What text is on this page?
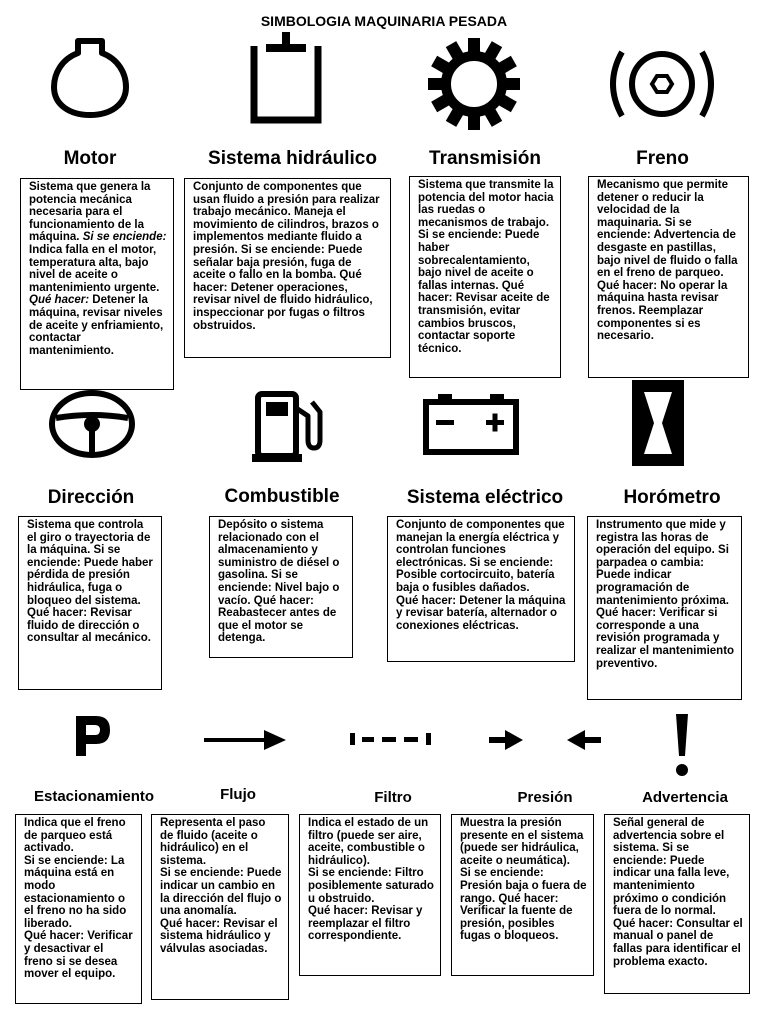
SIMBOLOGIA MAQUINARIA PESADA
Motor	Sistema hidráulico	Transmisión	Freno

Sistema que genera la potencia mecánica necesaria para el funcionamiento de la máquina. Si se enciende: Indica falla en el motor, temperatura alta, bajo nivel de aceite o mantenimiento urgente. Qué hacer: Detener la máquina, revisar niveles de aceite y enfriamiento, contactar mantenimiento.

Conjunto de componentes que usan fluido a presión para realizar trabajo mecánico. Maneja el movimiento de cilindros, brazos o implementos mediante fluido a presión. Si se enciende: Puede señalar baja presión, fuga de aceite o fallo en la bomba. Qué hacer: Detener operaciones, revisar nivel de fluido hidráulico, inspeccionar por fugas o filtros obstruidos.

Sistema que transmite la potencia del motor hacia las ruedas o mecanismos de trabajo. Si se enciende: Puede haber sobrecalentamiento, bajo nivel de aceite o fallas internas. Qué hacer: Revisar aceite de transmisión, evitar cambios bruscos, contactar soporte técnico.

Mecanismo que permite detener o reducir la velocidad de la maquinaria. Si se enciende: Advertencia de desgaste en pastillas, bajo nivel de fluido o falla en el freno de parqueo.

Qué hacer: No operar la máquina hasta revisar frenos. Reemplazar componentes si es necesario.

Dirección	Combustible	Sistema eléctrico	Horómetro

Sistema que controla el giro o trayectoria de la máquina. Si se enciende: Puede haber pérdida de presión hidráulica, fuga o bloqueo del sistema. Qué hacer: Revisar fluido de dirección o consultar al mecánico.

Depósito o sistema relacionado con el almacenamiento y suministro de diésel o gasolina. Si se enciende: Nivel bajo o vacío. Qué hacer: Reabastecer antes de que el motor se detenga.

Conjunto de componentes que manejan la energía eléctrica y controlan funciones electrónicas. Si se enciende: Posible cortocircuito, batería baja o fusibles dañados.

Qué hacer: Detener la máquina y revisar batería, alternador o conexiones eléctricas.

Instrumento que mide y registra las horas de operación del equipo. Si parpadea o cambia: Puede indicar programación de mantenimiento próxima. Qué hacer: Verificar si corresponde a una revisión programada y realizar el mantenimiento preventivo.

Estacionamiento	Flujo	Filtro	Presión	Advertencia

Indica que el freno de parqueo está activado.

Si se enciende: La máquina está en modo estacionamiento o el freno no ha sido liberado.

Qué hacer: Verificar y desactivar el freno si se desea mover el equipo.

Representa el paso de fluido (aceite o hidráulico) en el sistema.

Si se enciende: Puede indicar un cambio en la dirección del flujo o una anomalía.

Qué hacer: Revisar el sistema hidráulico y válvulas asociadas.

Indica el estado de un filtro (puede ser aire, aceite, combustible o hidráulico).

Si se enciende: Filtro posiblemente saturado u obstruido.

Qué hacer: Revisar y reemplazar el filtro correspondiente.

Muestra la presión presente en el sistema (puede ser hidráulica, aceite o neumática).

Si se enciende: Presión baja o fuera de rango. Qué hacer: Verificar la fuente de presión, posibles fugas o bloqueos.

Señal general de advertencia sobre el sistema. Si se enciende: Puede indicar una falla leve, mantenimiento próximo o condición fuera de lo normal.

Qué hacer: Consultar el manual o panel de fallas para identificar el problema exacto.
